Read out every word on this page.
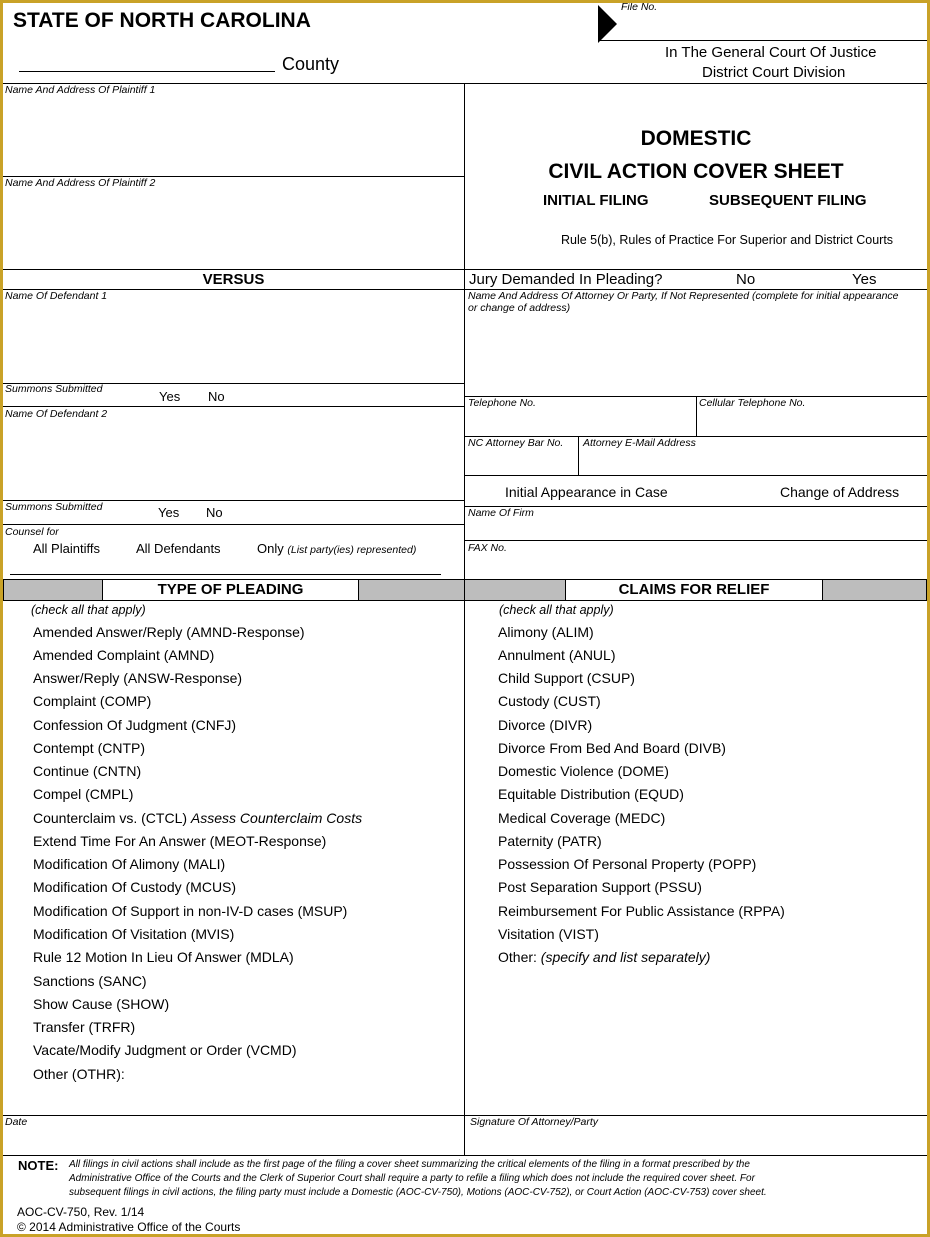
STATE OF NORTH CAROLINA
County
File No.
In The General Court Of Justice
District Court Division
Name And Address Of Plaintiff 1
Name And Address Of Plaintiff 2
DOMESTIC
CIVIL ACTION COVER SHEET
INITIAL FILING	SUBSEQUENT FILING
Rule 5(b), Rules of Practice For Superior and District Courts
VERSUS	Jury Demanded In Pleading?	No	Yes
Name Of Defendant 1
Summons Submitted	Yes No
Name Of Defendant 2
Summons Submitted	Yes No
Counsel for
All Plaintiffs	All Defendants	Only (List party(ies) represented)
Name And Address Of Attorney Or Party, If Not Represented (complete for initial appearance or change of address)
Telephone No.	Cellular Telephone No.
NC Attorney Bar No. Attorney E-Mail Address
Initial Appearance in Case	Change of Address
Name Of Firm
FAX No.
TYPE OF PLEADING	CLAIMS FOR RELIEF
(check all that apply)	(check all that apply)
Amended Answer/Reply (AMND-Response)
Amended Complaint (AMND)
Answer/Reply (ANSW-Response)
Complaint (COMP)
Confession Of Judgment (CNFJ)
Contempt (CNTP)
Continue (CNTN)
Compel (CMPL)
Counterclaim vs. (CTCL) Assess Counterclaim Costs
Extend Time For An Answer (MEOT-Response)
Modification Of Alimony (MALI)
Modification Of Custody (MCUS)
Modification Of Support in non-IV-D cases (MSUP)
Modification Of Visitation (MVIS)
Rule 12 Motion In Lieu Of Answer (MDLA)
Sanctions (SANC)
Show Cause (SHOW)
Transfer (TRFR)
Vacate/Modify Judgment or Order (VCMD)
Other (OTHR):
Alimony (ALIM)
Annulment (ANUL)
Child Support (CSUP)
Custody (CUST)
Divorce (DIVR)
Divorce From Bed And Board (DIVB)
Domestic Violence (DOME)
Equitable Distribution (EQUD)
Medical Coverage (MEDC)
Paternity (PATR)
Possession Of Personal Property (POPP)
Post Separation Support (PSSU)
Reimbursement For Public Assistance (RPPA)
Visitation (VIST)
Other: (specify and list separately)
Date	Signature Of Attorney/Party
NOTE: All filings in civil actions shall include as the first page of the filing a cover sheet summarizing the critical elements of the filing in a format prescribed by the
Administrative Office of the Courts and the Clerk of Superior Court shall require a party to refile a filing which does not include the required cover sheet. For
subsequent filings in civil actions, the filing party must include a Domestic (AOC-CV-750), Motions (AOC-CV-752), or Court Action (AOC-CV-753) cover sheet.
AOC-CV-750, Rev. 1/14
© 2014 Administrative Office of the Courts
